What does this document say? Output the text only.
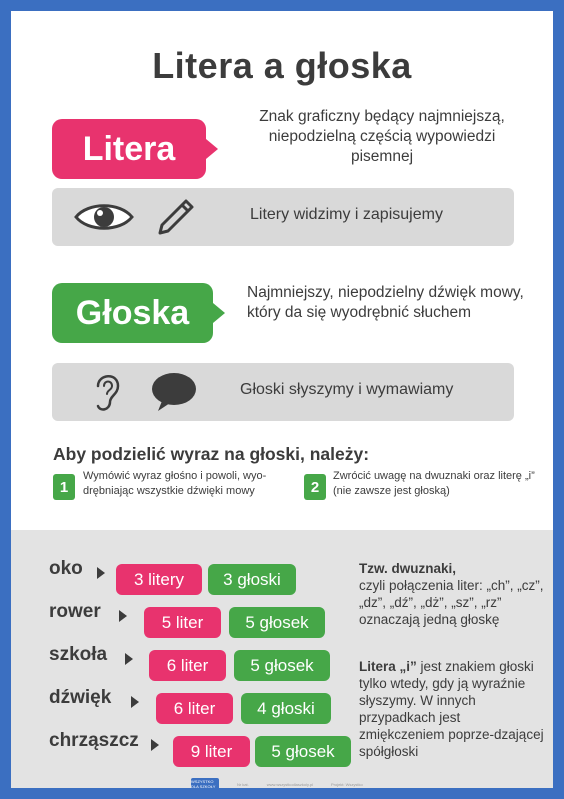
Litera a głoska
Litera
Znak graficzny będący najmniejszą, niepodzielną częścią wypowiedzi pisemnej
Litery widzimy i zapisujemy
Głoska
Najmniejszy, niepodzielny dźwięk mowy, który da się wyodrębnić słuchem
Głoski słyszymy i wymawiamy
Aby podzielić wyraz na głoski, należy:
1
Wymówić wyraz głośno i powoli, wyo-drębniając wszystkie dźwięki mowy	2
Zwrócić uwagę na dwuznaki oraz literę „i” (nie zawsze jest głoską)
oko	3 litery	3 głoski
rower	5 liter	5 głosek
szkoła	6 liter	5 głosek
dźwięk	6 liter	4 głoski
chrząszcz	9 liter	5 głosek
Tzw. dwuznaki,
czyli połączenia liter: „ch”, „cz”, „dz”, „dź”, „dż”, „sz”, „rz” oznaczają jedną głoskę
Litera „i” jest znakiem głoski tylko wtedy, gdy ją wyraźnie słyszymy. W innych przypadkach jest zmiękczeniem poprze-dzającej spółgłoski
WSZYSTKO DLA SZKOŁY	Nr kat.	www.wszystkodlaszkoly.pl	Projekt: Wszystko
